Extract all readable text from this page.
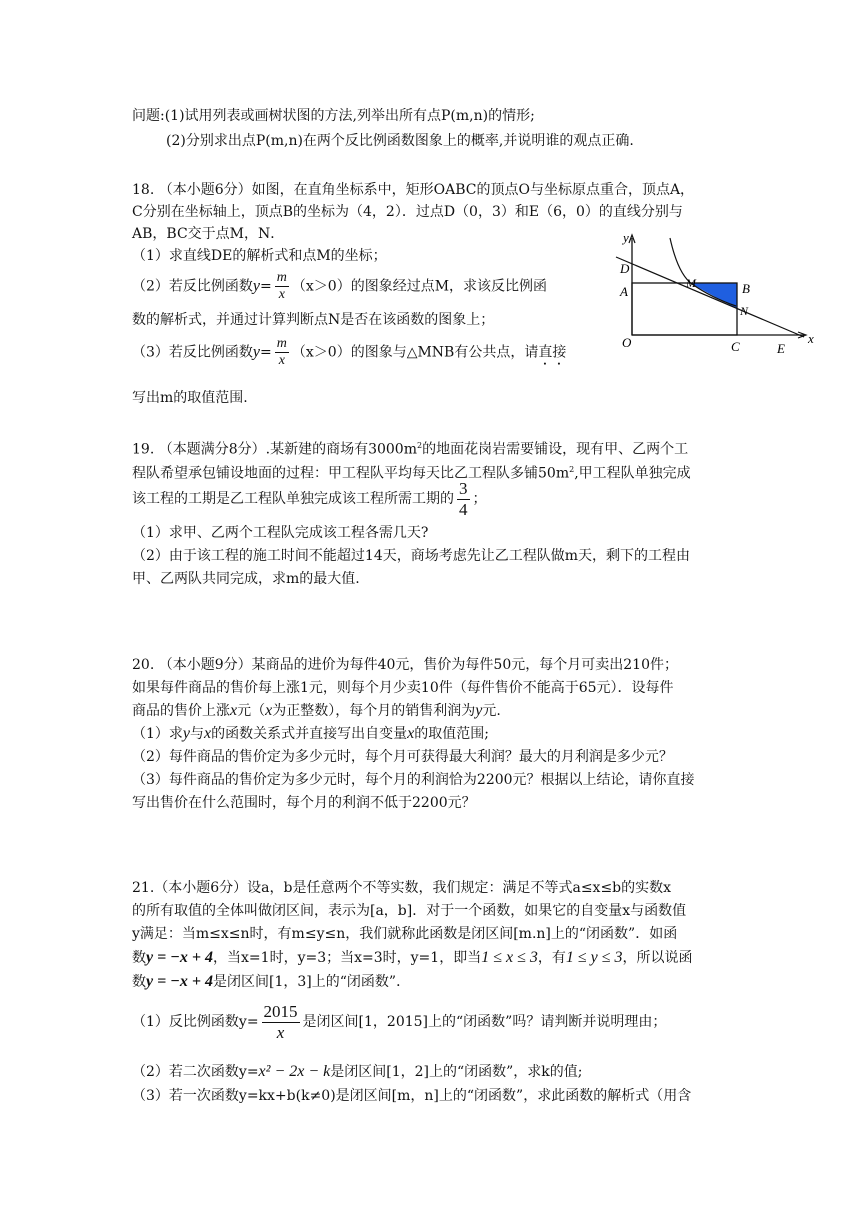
问题:(1)试用列表或画树状图的方法,列举出所有点P(m,n)的情形;
(2)分别求出点P(m,n)在两个反比例函数图象上的概率,并说明谁的观点正确.
18. （本小题6分）如图，在直角坐标系中，矩形OABC的顶点O与坐标原点重合，顶点A，
C分别在坐标轴上，顶点B的坐标为（4，2）．过点D（0，3）和E（6，0）的直线分别与
AB，BC交于点M，N．
（1）求直线DE的解析式和点M的坐标；
（2）若反比例函数$y= \frac{m}{x} (x>0)$的图象经过点M，求该反比例函
数的解析式，并通过计算判断点N是否在该函数的图象上；
（3）若反比例函数$y= \frac{m}{x} (x>0)$的图象与△MNB有公共点，请直接
写出m的取值范围.
y
D
A
M	B
N
O	C	E
x
19. （本题满分8分）.某新建的商场有$3000m^2$的地面花岗岩需要铺设，现有甲、乙两个工
程队希望承包铺设地面的过程：甲工程队平均每天比乙工程队多铺$50m^2$,甲工程队单独完成
该工程的工期是乙工程队单独完成该工程所需工期的 $\frac{3}{4}$ ；
（1）求甲、乙两个工程队完成该工程各需几天?
（2）由于该工程的施工时间不能超过14天，商场考虑先让乙工程队做m天，剩下的工程由
甲、乙两队共同完成，求m的最大值.
20. （本小题9分）某商品的进价为每件40元，售价为每件50元，每个月可卖出210件；
如果每件商品的售价每上涨1元，则每个月少卖10件（每件售价不能高于65元）．设每件
商品的售价上涨x元（x为正整数），每个月的销售利润为y元.
（1）求y与x的函数关系式并直接写出自变量x的取值范围;
（2）每件商品的售价定为多少元时，每个月可获得最大利润？最大的月利润是多少元？
（3）每件商品的售价定为多少元时，每个月的利润恰为2200元？根据以上结论，请你直接
写出售价在什么范围时，每个月的利润不低于2200元？
21.（本小题6分）设a，b是任意两个不等实数，我们规定：满足不等式a≤x≤b的实数x
的所有取值的全体叫做闭区间，表示为[a，b]．对于一个函数，如果它的自变量x与函数值
y满足：当m≤x≤n时，有m≤y≤n，我们就称此函数是闭区间[m.n]上的“闭函数”．如函
数y = −x + 4，当x=1时，y=3；当x=3时，y=1，即当1 ≤ x ≤ 3，有1 ≤ y ≤ 3，所以说函
数y = −x + 4是闭区间[1，3]上的“闭函数”．
（1）反比例函数$y= \frac{2015}{x}$ 是闭区间[1，2015]上的“闭函数”吗？请判断并说明理由；
（2）若二次函数y=x² − 2x − k是闭区间[1，2]上的“闭函数”，求k的值;
（3）若一次函数y=kx+b(k≠0)是闭区间[m，n]上的“闭函数”，求此函数的解析式（用含
